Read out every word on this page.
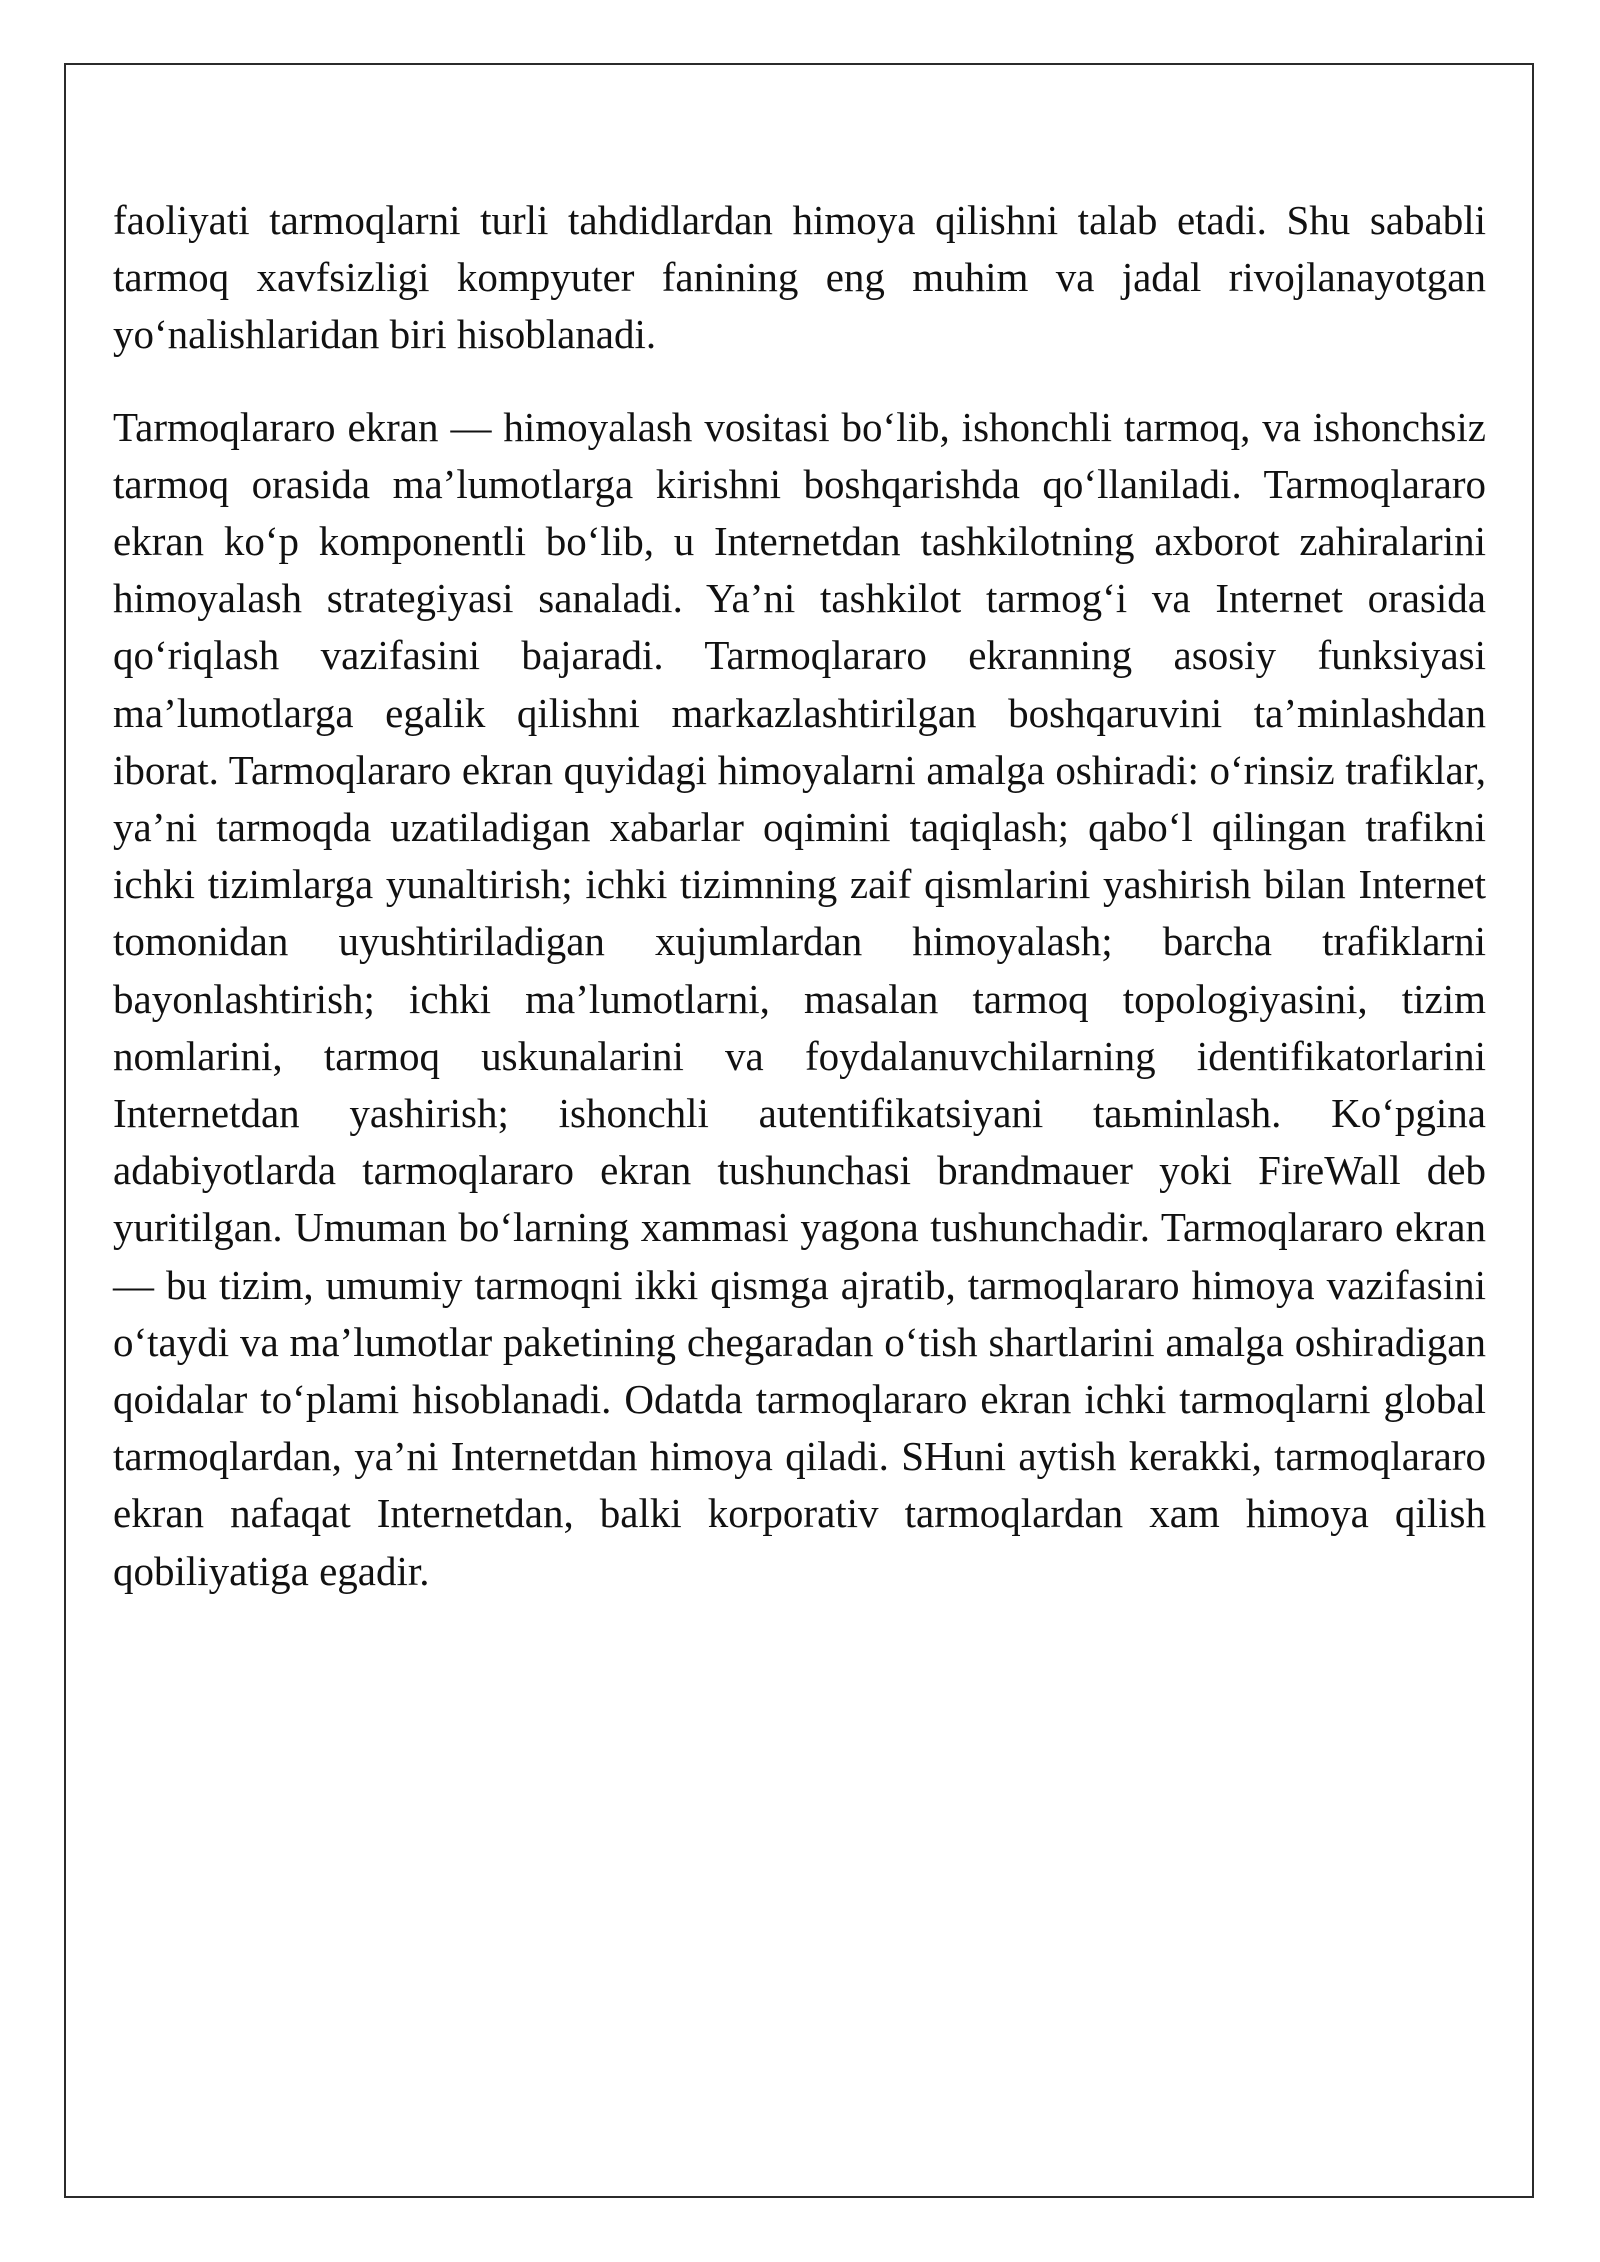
faoliyati tarmoqlarni turli tahdidlardan himoya qilishni talab etadi. Shu sababli tarmoq xavfsizligi kompyuter fanining eng muhim va jadal rivojlanayotgan yo‘nalishlaridan biri hisoblanadi.

Tarmoqlararo ekran — himoyalash vositasi bo‘lib, ishonchli tarmoq, va ishonchsiz tarmoq orasida ma’lumotlarga kirishni boshqarishda qo‘llaniladi. Tarmoqlararo ekran ko‘p komponentli bo‘lib, u Internetdan tashkilotning axborot zahiralarini himoyalash strategiyasi sanaladi. Ya’ni tashkilot tarmog‘i va Internet orasida qo‘riqlash vazifasini bajaradi. Tarmoqlararo ekranning asosiy funksiyasi ma’lumotlarga egalik qilishni markazlashtirilgan boshqaruvini ta’minlashdan iborat. Tarmoqlararo ekran quyidagi himoyalarni amalga oshiradi: o‘rinsiz trafiklar, ya’ni tarmoqda uzatiladigan xabarlar oqimini taqiqlash; qabo‘l qilingan trafikni ichki tizimlarga yunaltirish; ichki tizimning zaif qismlarini yashirish bilan Internet tomonidan uyushtiriladigan xujumlardan himoyalash; barcha trafiklarni bayonlashtirish; ichki ma’lumotlarni, masalan tarmoq topologiyasini, tizim nomlarini, tarmoq uskunalarini va foydalanuvchilarning identifikatorlarini Internetdan yashirish; ishonchli autentifikatsiyani taьminlash. Ko‘pgina adabiyotlarda tarmoqlararo ekran tushunchasi brandmauer yoki FireWall deb yuritilgan. Umuman bo‘larning xammasi yagona tushunchadir. Tarmoqlararo ekran — bu tizim, umumiy tarmoqni ikki qismga ajratib, tarmoqlararo himoya vazifasini o‘taydi va ma’lumotlar paketining chegaradan o‘tish shartlarini amalga oshiradigan qoidalar to‘plami hisoblanadi. Odatda tarmoqlararo ekran ichki tarmoqlarni global tarmoqlardan, ya’ni Internetdan himoya qiladi. SHuni aytish kerakki, tarmoqlararo ekran nafaqat Internetdan, balki korporativ tarmoqlardan xam himoya qilish qobiliyatiga egadir.
